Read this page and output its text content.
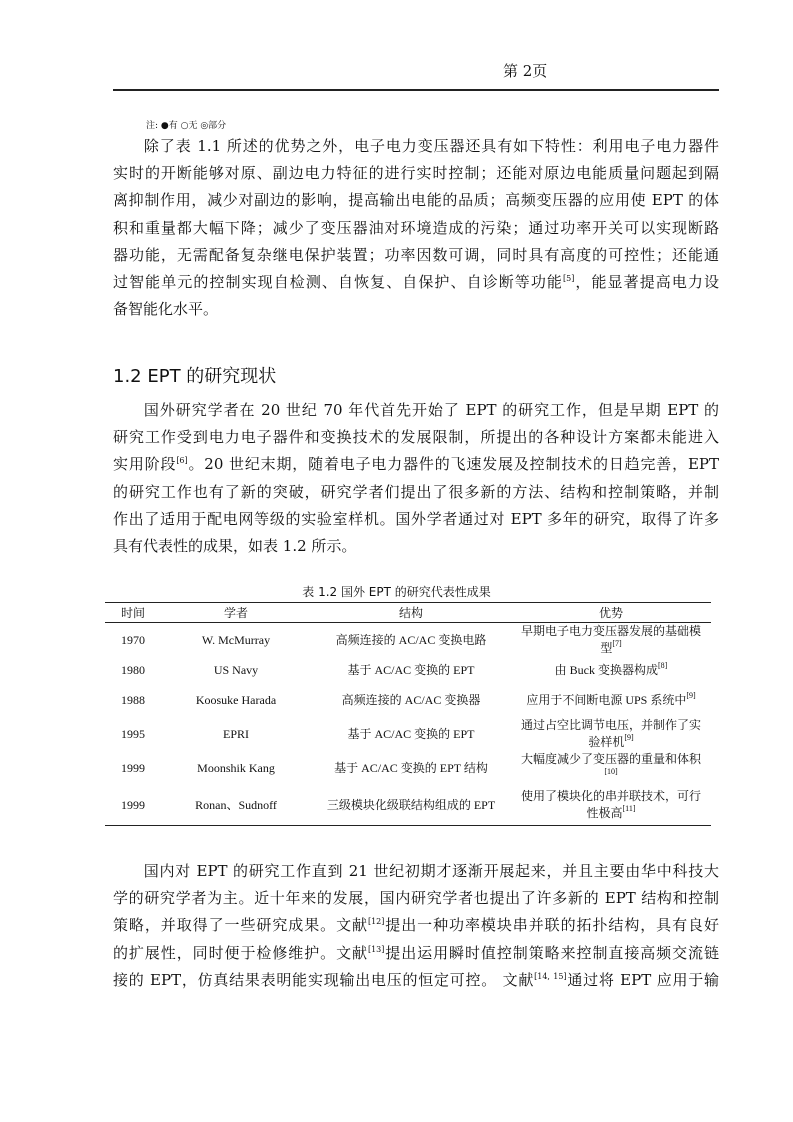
第 2页
注: ●有 ○无 ◎部分

除了表 1.1 所述的优势之外，电子电力变压器还具有如下特性：利用电子电力器件
实时的开断能够对原、副边电力特征的进行实时控制；还能对原边电能质量问题起到隔
离抑制作用，减少对副边的影响，提高输出电能的品质；高频变压器的应用使 EPT 的体
积和重量都大幅下降；减少了变压器油对环境造成的污染；通过功率开关可以实现断路
器功能，无需配备复杂继电保护装置；功率因数可调，同时具有高度的可控性；还能通
过智能单元的控制实现自检测、自恢复、自保护、自诊断等功能[5]，能显著提高电力设
备智能化水平。

1.2 EPT 的研究现状

国外研究学者在 20 世纪 70 年代首先开始了 EPT 的研究工作，但是早期 EPT 的
研究工作受到电力电子器件和变换技术的发展限制，所提出的各种设计方案都未能进入
实用阶段[6]。20 世纪末期，随着电子电力器件的飞速发展及控制技术的日趋完善，EPT
的研究工作也有了新的突破，研究学者们提出了很多新的方法、结构和控制策略，并制
作出了适用于配电网等级的实验室样机。国外学者通过对 EPT 多年的研究，取得了许多
具有代表性的成果，如表 1.2 所示。

表 1.2 国外 EPT 的研究代表性成果
时间	学者	结构	优势
1970	W. McMurray	高频连接的 AC/AC 变换电路	早期电子电力变压器发展的基础模型[7]
1980	US Navy	基于 AC/AC 变换的 EPT	由 Buck 变换器构成[8]
1988	Koosuke Harada	高频连接的 AC/AC 变换器	应用于不间断电源 UPS 系统中[9]
1995	EPRI	基于 AC/AC 变换的 EPT	通过占空比调节电压，并制作了实验样机[9]
1999	Moonshik Kang	基于 AC/AC 变换的 EPT 结构	大幅度减少了变压器的重量和体积[10]
1999	Ronan、Sudnoff	三级模块化级联结构组成的 EPT	使用了模块化的串并联技术，可行性极高[11]

国内对 EPT 的研究工作直到 21 世纪初期才逐渐开展起来，并且主要由华中科技大
学的研究学者为主。近十年来的发展，国内研究学者也提出了许多新的 EPT 结构和控制
策略，并取得了一些研究成果。文献[12]提出一种功率模块串并联的拓扑结构，具有良好
的扩展性，同时便于检修维护。文献[13]提出运用瞬时值控制策略来控制直接高频交流链
接的 EPT，仿真结果表明能实现输出电压的恒定可控。 文献[14, 15]通过将 EPT 应用于输
